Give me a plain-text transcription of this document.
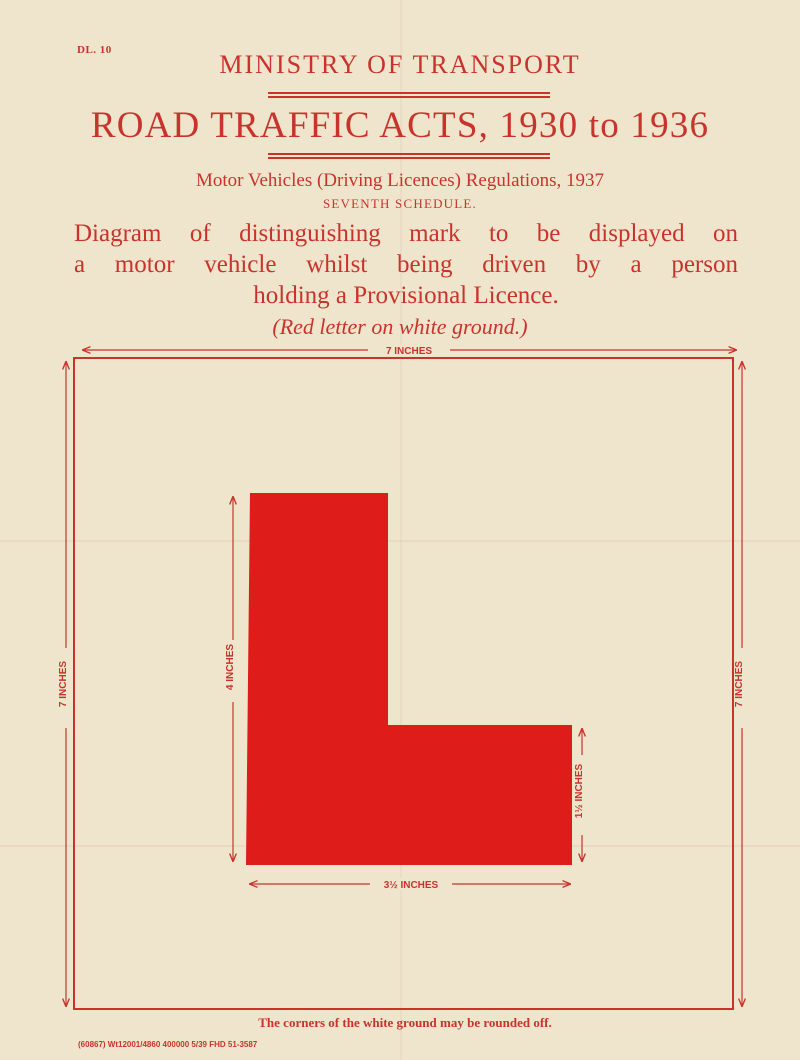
DL. 10	MINISTRY OF TRANSPORT
ROAD TRAFFIC ACTS, 1930 to 1936
Motor Vehicles (Driving Licences) Regulations, 1937
SEVENTH SCHEDULE.
Diagram of distinguishing mark to be displayed on
a motor vehicle whilst being driven by a person
holding a Provisional Licence.
(Red letter on white ground.)
7 INCHES
7 INCHES	7 INCHES
4 INCHES
1½ INCHES
3½ INCHES
The corners of the white ground may be rounded off.
(60867) Wt12001/4860 400000 5/39 FHD 51-3587
